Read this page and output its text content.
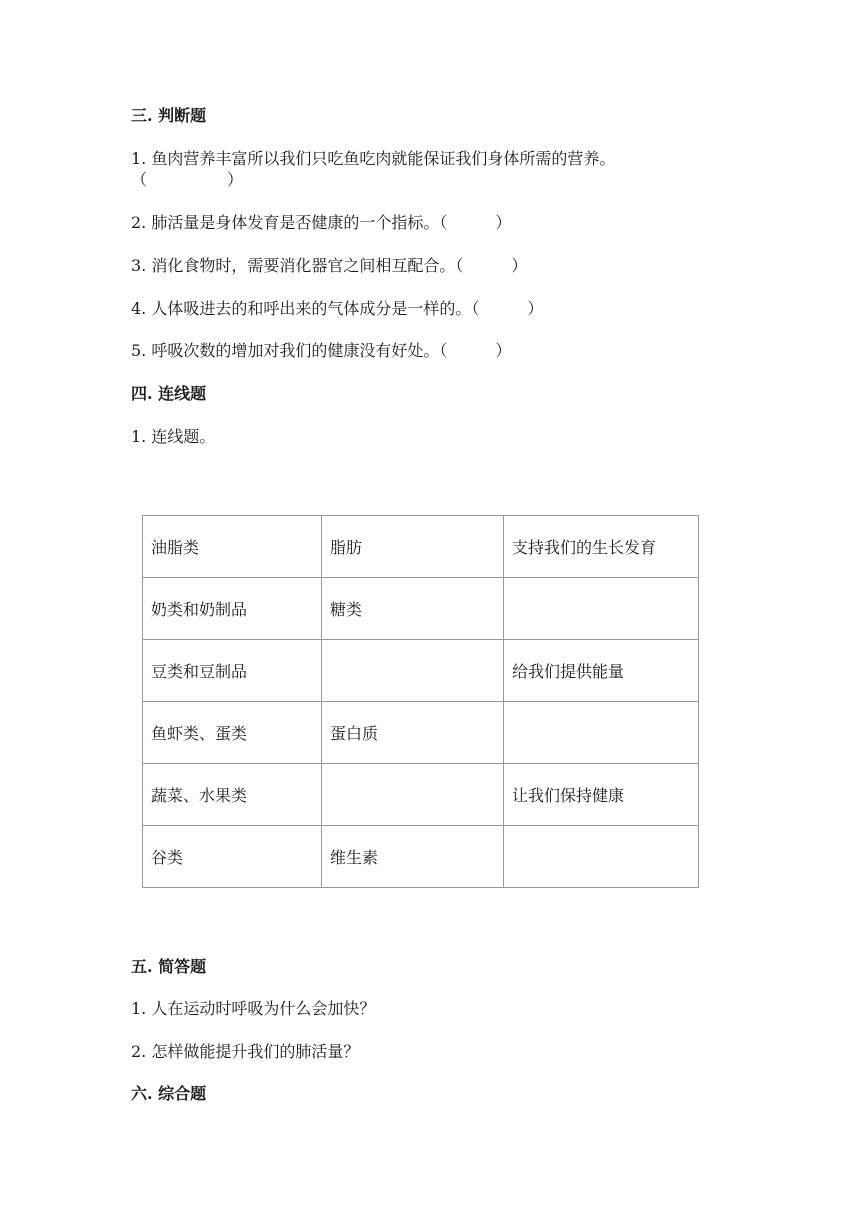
三. 判断题
1. 鱼肉营养丰富所以我们只吃鱼吃肉就能保证我们身体所需的营养。
（　　　　　）
2. 肺活量是身体发育是否健康的一个指标。（　　　）
3. 消化食物时，需要消化器官之间相互配合。（　　　）
4. 人体吸进去的和呼出来的气体成分是一样的。（　　　）
5. 呼吸次数的增加对我们的健康没有好处。（　　　）
四. 连线题
1. 连线题。
油脂类	脂肪	支持我们的生长发育
奶类和奶制品	糖类	
豆类和豆制品		给我们提供能量
鱼虾类、蛋类	蛋白质	
蔬菜、水果类		让我们保持健康
谷类	维生素	
五. 简答题
1. 人在运动时呼吸为什么会加快？
2. 怎样做能提升我们的肺活量？
六. 综合题
